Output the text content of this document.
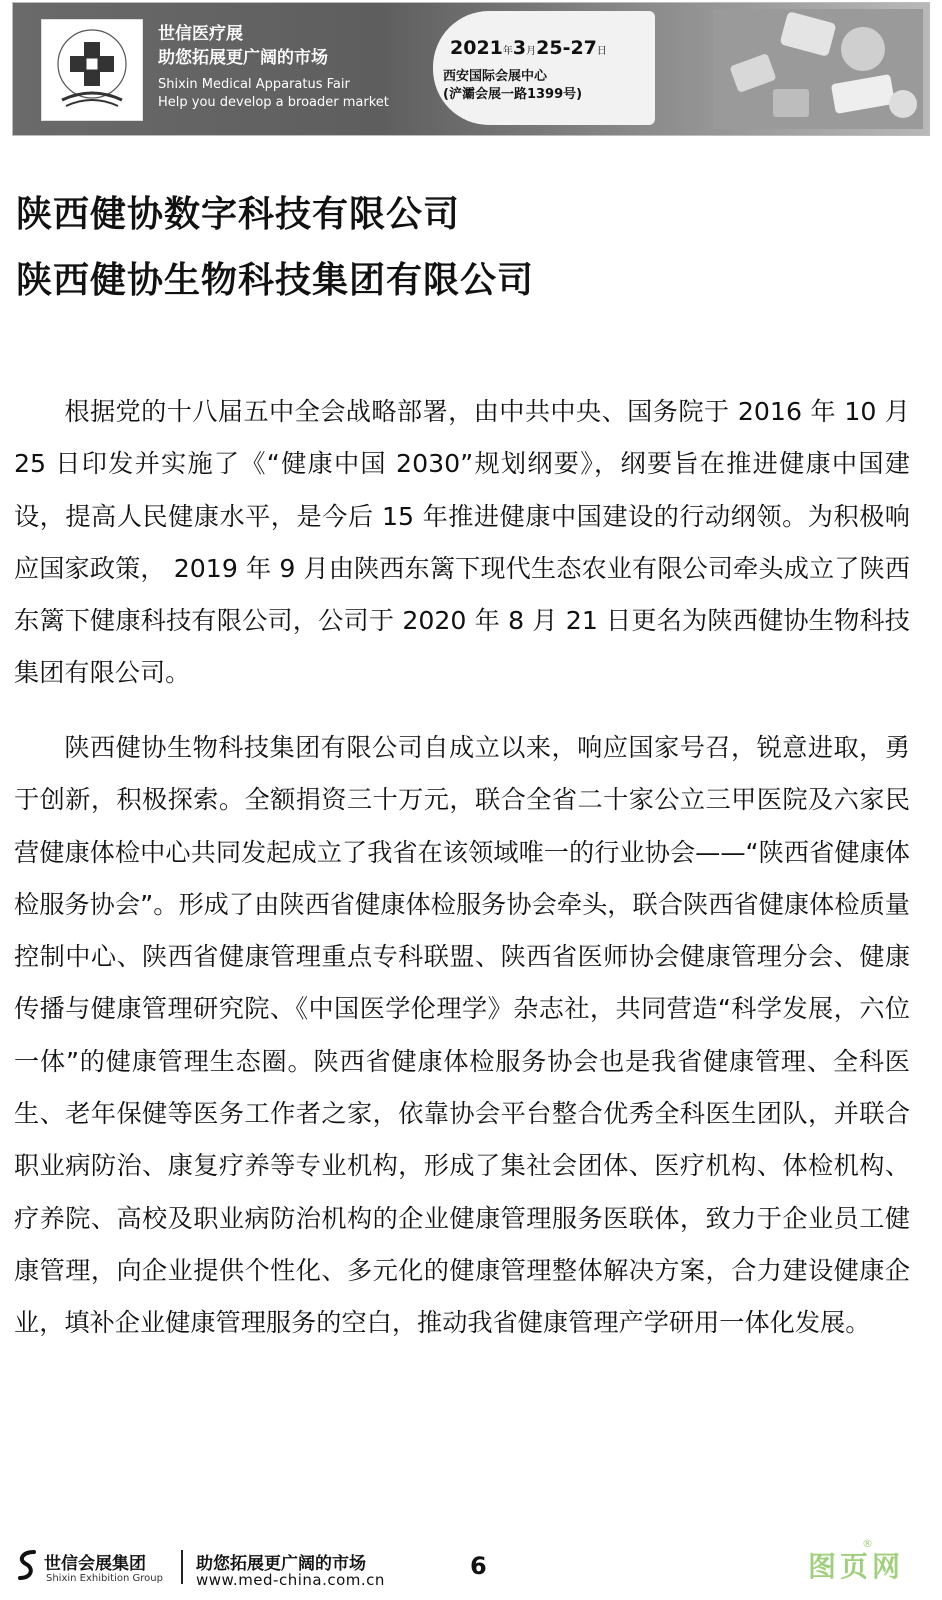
世信医疗展
助您拓展更广阔的市场
Shixin Medical Apparatus Fair
Help you develop a broader market
2021年3月25-27日
西安国际会展中心
(浐灞会展一路1399号)
陕西健协数字科技有限公司
陕西健协生物科技集团有限公司

根据党的十八届五中全会战略部署，由中共中央、国务院于 2016 年 10 月 25 日印发并实施了《“健康中国 2030”规划纲要》，纲要旨在推进健康中国建设，提高人民健康水平，是今后 15 年推进健康中国建设的行动纲领。为积极响应国家政策， 2019 年 9 月由陕西东篱下现代生态农业有限公司牵头成立了陕西东篱下健康科技有限公司，公司于 2020 年 8 月 21 日更名为陕西健协生物科技集团有限公司。

陕西健协生物科技集团有限公司自成立以来，响应国家号召，锐意进取，勇于创新，积极探索。全额捐资三十万元，联合全省二十家公立三甲医院及六家民营健康体检中心共同发起成立了我省在该领域唯一的行业协会——“陕西省健康体检服务协会”。形成了由陕西省健康体检服务协会牵头，联合陕西省健康体检质量控制中心、陕西省健康管理重点专科联盟、陕西省医师协会健康管理分会、健康传播与健康管理研究院、《中国医学伦理学》杂志社，共同营造“科学发展，六位一体”的健康管理生态圈。陕西省健康体检服务协会也是我省健康管理、全科医生、老年保健等医务工作者之家，依靠协会平台整合优秀全科医生团队，并联合职业病防治、康复疗养等专业机构，形成了集社会团体、医疗机构、体检机构、疗养院、高校及职业病防治机构的企业健康管理服务医联体，致力于企业员工健康管理，向企业提供个性化、多元化的健康管理整体解决方案，合力建设健康企业，填补企业健康管理服务的空白，推动我省健康管理产学研用一体化发展。

世信会展集团
Shixin Exhibition Group
助您拓展更广阔的市场
www.med-china.com.cn	6	图页网
®
